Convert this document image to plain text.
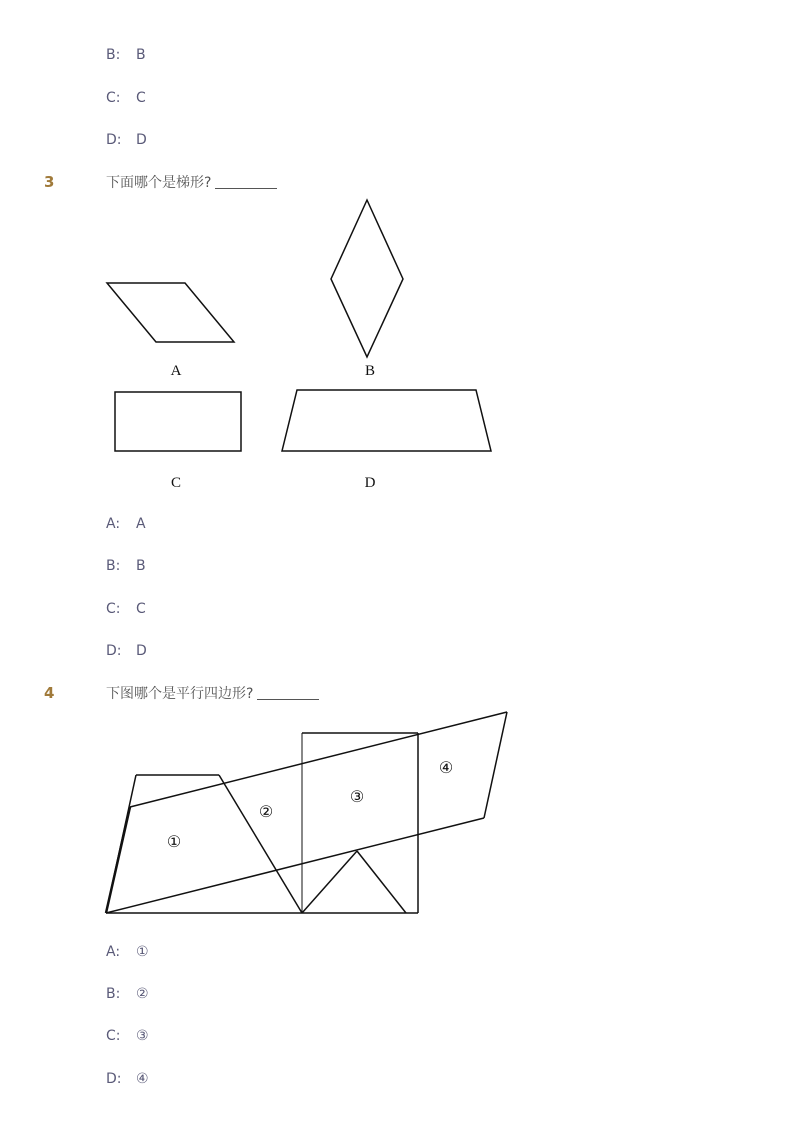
B: B
C: C
D: D
3	下面哪个是梯形?
A	B
C	D
A: A
B: B
C: C
D: D
4	下图哪个是平行四边形?
①
②
③
④
A: ①
B: ②
C: ③
D: ④
